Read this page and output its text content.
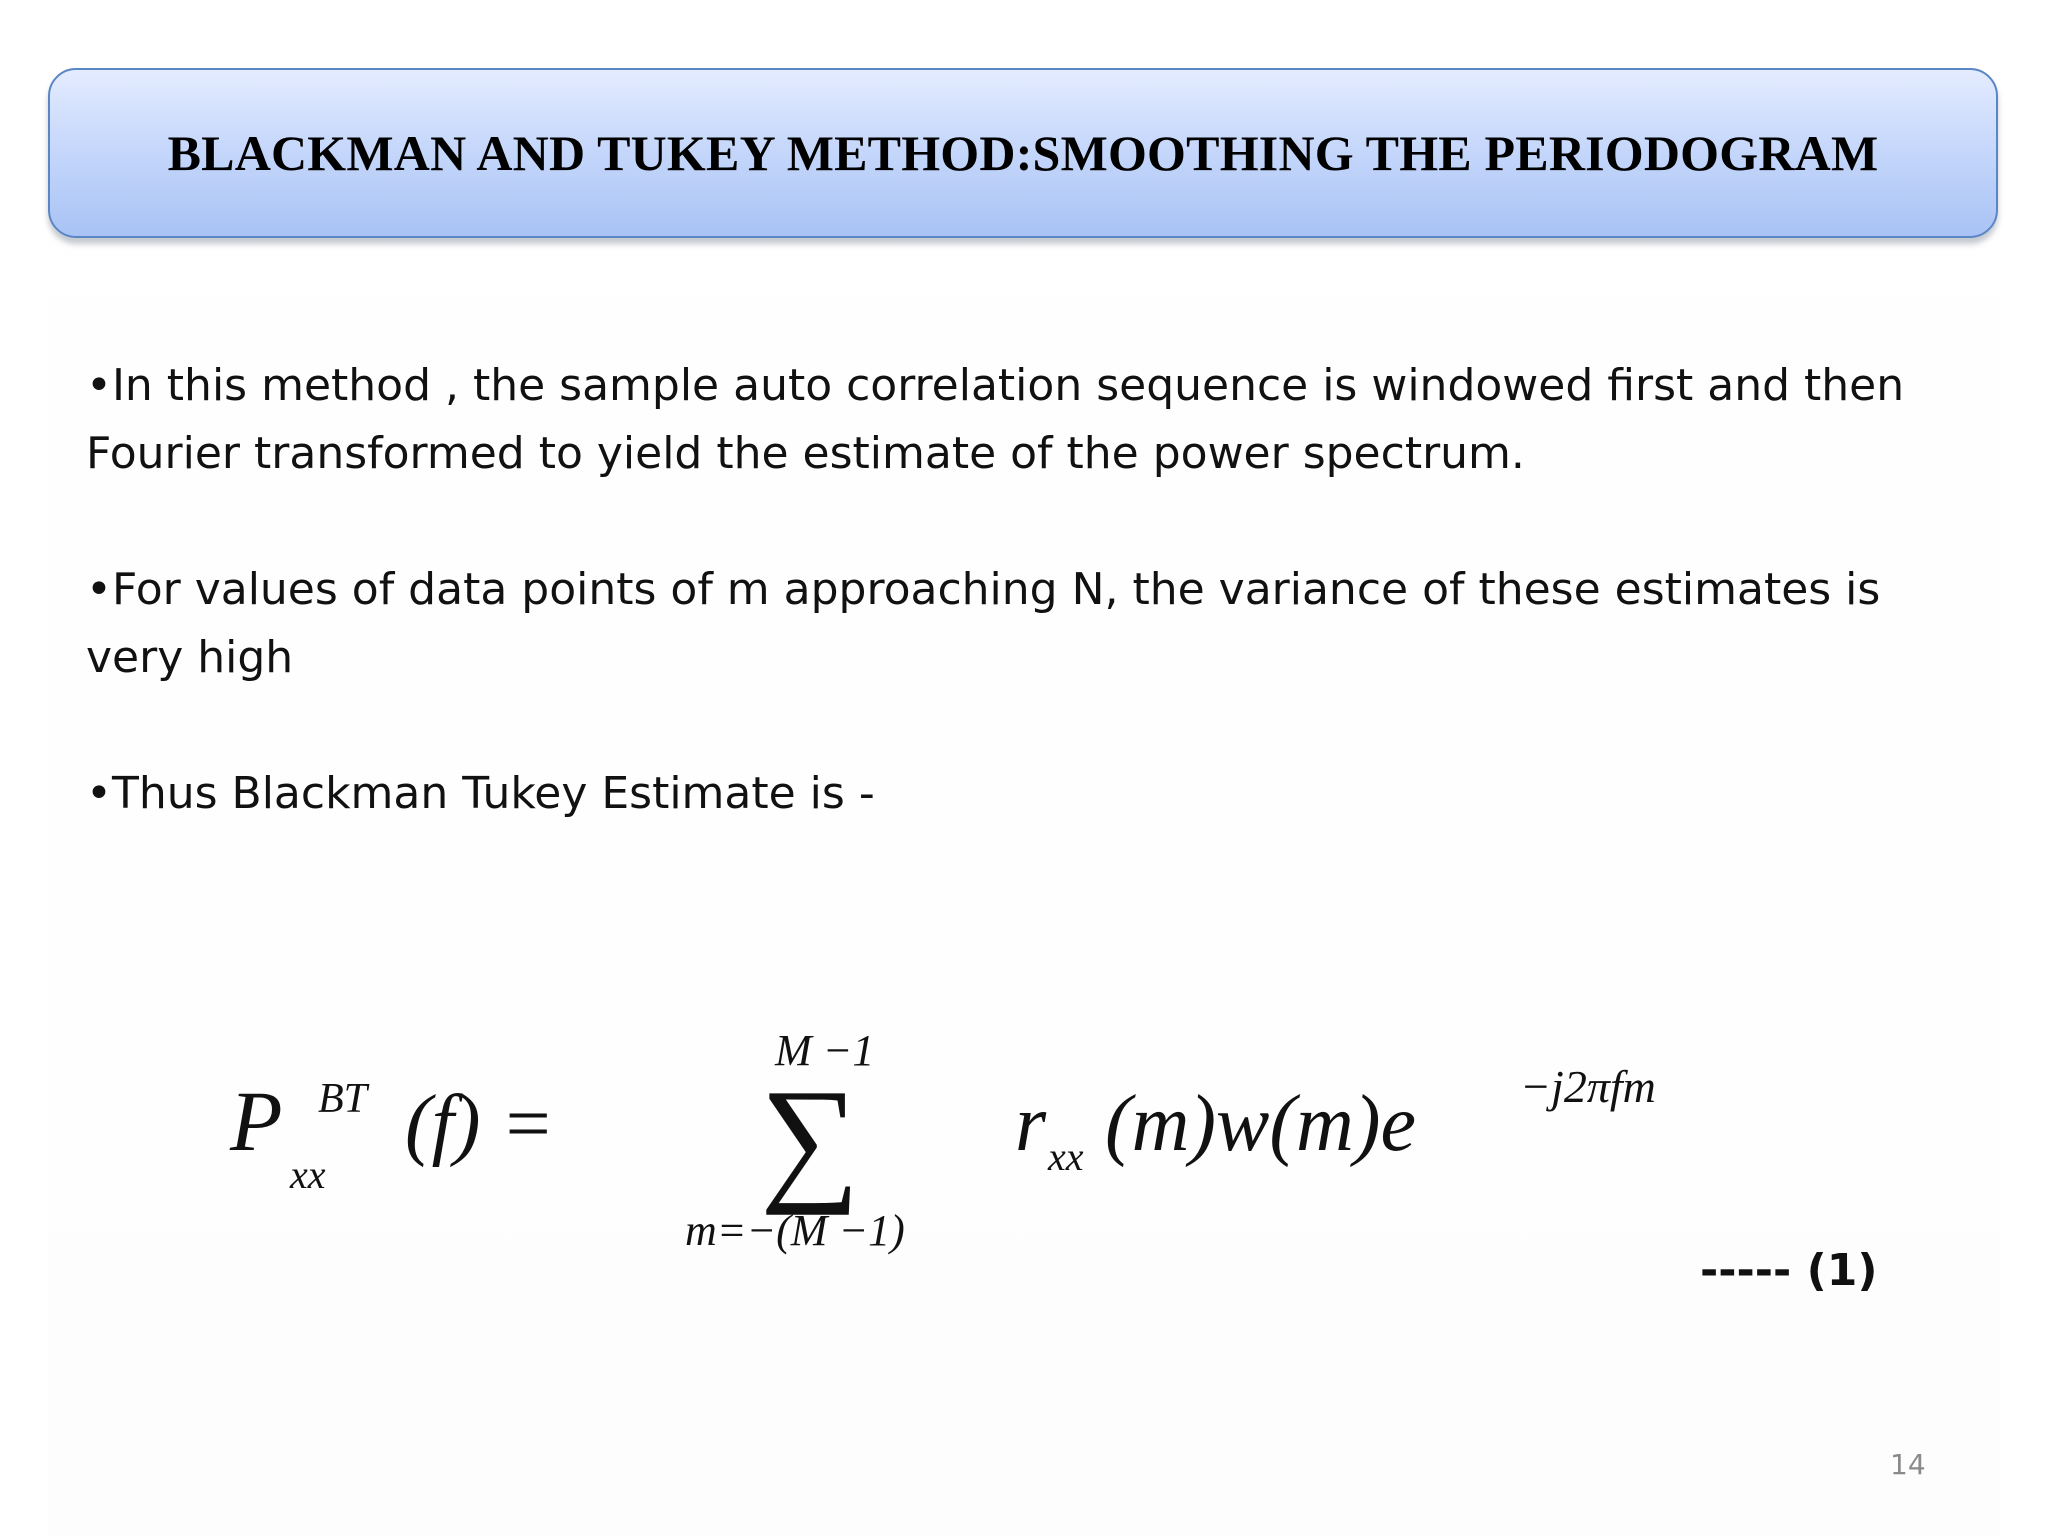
BLACKMAN AND TUKEY METHOD:SMOOTHING THE PERIODOGRAM

•In this method , the sample auto correlation sequence is windowed first and then Fourier transformed to yield the estimate of the power spectrum.

•For values of data points of m approaching N, the variance of these estimates is very high

•Thus Blackman Tukey Estimate is -

P BT
xx
(f) =
M −1
∑
m=−(M −1)
r xx (m)w(m)e −j2πfm
----- (1)
14
